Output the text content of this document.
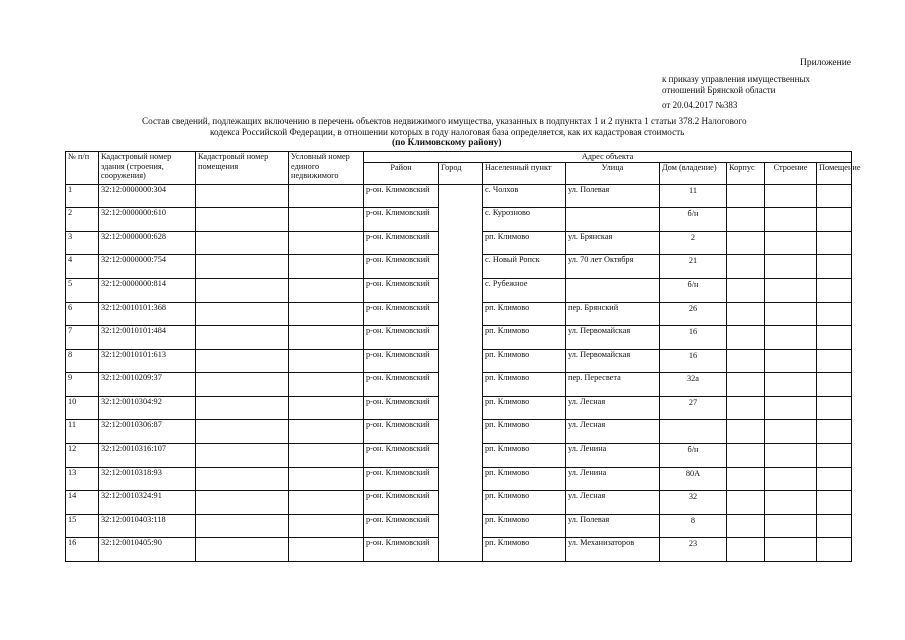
Приложение
к приказу управления имущественных
отношений Брянской области
от 20.04.2017 №383
Состав сведений, подлежащих включению в перечень объектов недвижимого имущества, указанных в подпунктах 1 и 2 пункта 1 статьи 378.2 Налогового
кодекса Российской Федерации, в отношении которых в году налоговая база определяется, как их кадастровая стоимость
(по Климовскому району)
№ п/п	Кадастровый номер здания (строения, сооружения)	Кадастровый номер помещения	Условный номер единого недвижимого	Адрес объекта							
				Район	Город	Населенный пункт	Улица	Дом (владение)	Корпус	Строение	Помещение
1	32:12:0000000:304			р-он. Климовский		с. Чолхов	ул. Полевая	11			
2	32:12:0000000:610			р-он. Климовский		с. Курозново		б/н			
3	32:12:0000000:628			р-он. Климовский		рп. Климово	ул. Брянская	2			
4	32:12:0000000:754			р-он. Климовский		с. Новый Ропск	ул. 70 лет Октября	21			
5	32:12:0000000:814			р-он. Климовский		с. Рубежное		б/н			
6	32:12:0010101:368			р-он. Климовский		рп. Климово	пер. Брянский	26			
7	32:12:0010101:484			р-он. Климовский		рп. Климово	ул. Первомайская	16			
8	32:12:0010101:613			р-он. Климовский		рп. Климово	ул. Первомайская	16			
9	32:12:0010209:37			р-он. Климовский		рп. Климово	пер. Пересвета	32а			
10	32:12:0010304:92			р-он. Климовский		рп. Климово	ул. Лесная	27			
11	32:12:0010306:87			р-он. Климовский		рп. Климово	ул. Лесная				
12	32:12:0010316:107			р-он. Климовский		рп. Климово	ул. Ленина	б/н			
13	32:12:0010318:93			р-он. Климовский		рп. Климово	ул. Ленина	80А			
14	32:12:0010324:91			р-он. Климовский		рп. Климово	ул. Лесная	32			
15	32:12:0010403:118			р-он. Климовский		рп. Климово	ул. Полевая	8			
16	32:12:0010405:90			р-он. Климовский		рп. Климово	ул. Механизаторов	23			
